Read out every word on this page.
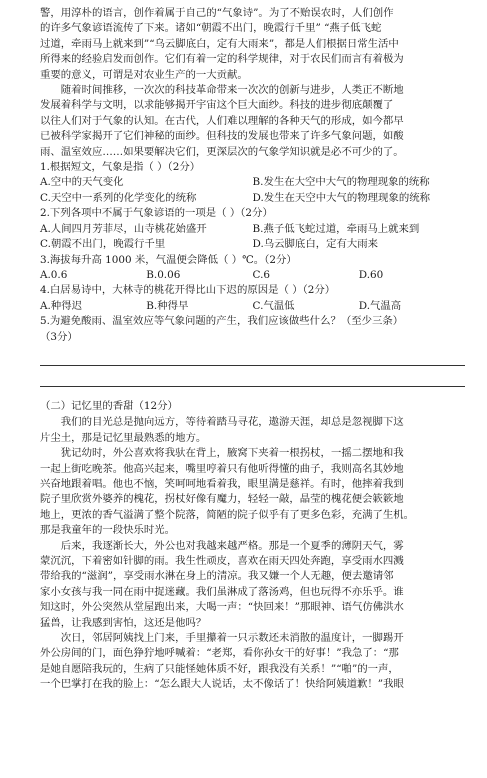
警，用淳朴的语言，创作着属于自己的“气象诗”。为了不贻误农时，人们创作
的许多气象谚语流传了下来。诸如“朝霞不出门，晚霞行千里” “燕子低飞蛇
过道，牵雨马上就来到”“乌云脚底白，定有大雨来”，都是人们根据日常生活中
所得来的经验启发而创作。它们有着一定的科学规律，对于农民们而言有着极为
重要的意义，可谓是对农业生产的一大贡献。

随着时间推移，一次次的科技革命带来一次次的创新与进步，人类正不断地
发展着科学与文明，以求能够揭开宇宙这个巨大面纱。科技的进步彻底颠覆了
以往人们对于气象的认知。在古代，人们难以理解的各种天气的形成，如今都早
已被科学家揭开了它们神秘的面纱。但科技的发展也带来了许多气象问题，如酸
雨、温室效应……如果要解决它们，更深层次的气象学知识就是必不可少的了。

1.根据短文，气象是指（ ）（2分）

A.空中的天气变化	B.发生在大空中大气的物理现象的统称
C.天空中一系列的化学变化的统称	D.发生在天空中大气的物理现象的统称

2.下列各项中不属于气象谚语的一项是（ ）（2分）

A.人间四月芳菲尽，山寺桃花始盛开	B.燕子低飞蛇过道，牵雨马上就来到
C.朝霞不出门，晚霞行千里	D.乌云脚底白，定有大雨来

3.海拔每升高 1000 米，气温便会降低（ ）℃。（2分）

A.0.6	B.0.06	C.6	D.60

4.白居易诗中，大林寺的桃花开得比山下迟的原因是（ ）（2分）

A.种得迟	B.种得早	C.气温低	D.气温高

5.为避免酸雨、温室效应等气象问题的产生，我们应该做些什么？（至少三条）

（3分）

（二）记忆里的香甜（12分）

我们的目光总是抛向远方，等待着踏马寻花，遨游天涯，却总是忽视脚下这
片尘土，那是记忆里最熟悉的地方。

犹记幼时，外公喜欢将我驮在背上，腋窝下夹着一根拐杖，一摇二摆地和我
一起上街吃晚茶。他高兴起来，嘴里哼着只有他听得懂的曲子，我则高名其妙地
兴奋地跟着唱。他也不恼，笑呵呵地看着我，眼里满是慈祥。有时，他摔着我到
院子里欣赏外婆养的槐花，拐杖好像有魔力，轻轻一敲，晶莹的槐花便会簌簌地
地上，更浓的香气溢满了整个院落，简陋的院子似乎有了更多色彩，充满了生机。
那是我童年的一段快乐时光。

后来，我逐渐长大，外公也对我越来越严格。那是一个夏季的薄阴天气，雾
蒙沉沉，下着密如针脚的雨。我生性顽皮，喜欢在雨天四处奔跑，享受雨水四溅
带给我的“滋润”，享受雨水淋在身上的清凉。我又嫌一个人无趣，便去邀请邻
家小女孩与我一同在雨中捉迷藏。我们虽淋成了落汤鸡，但也玩得不亦乐乎。谁
知这时，外公突然从堂屋跑出来，大喝一声：“快回来！”那眼神、语气仿佛洪水
猛兽，让我感到害怕，这还是他吗？

次日，邻居阿姨找上门来，手里攥着一只示数还未消散的温度计，一脚踢开
外公房间的门，面色狰狞地呼喊着：“老郑，看你孙女干的好事！”我急了：“那
是她自愿陪我玩的，生病了只能怪她体质不好，跟我没有关系！”“啪”的一声，
一个巴掌打在我的脸上：“怎么跟大人说话，太不像话了！快给阿姨道歉！”我眼
